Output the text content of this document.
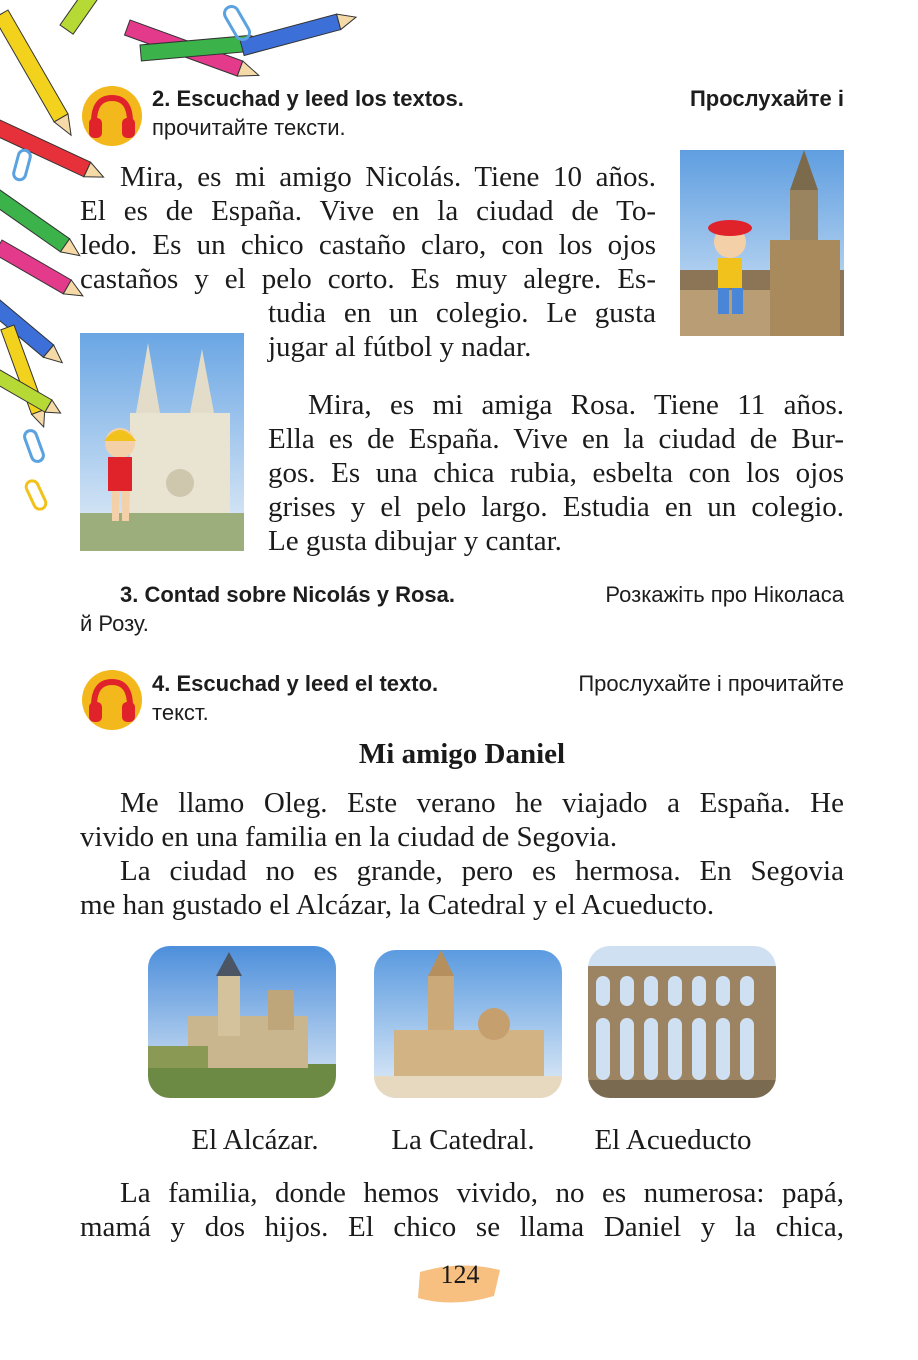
2. Escuchad y leed los textos.	Прослухайте і
прочитайте тексти.
Mira, es mi amigo Nicolás. Tiene 10 años.
El es de España. Vive en la ciudad de To-
ledo. Es un chico castaño claro, con los ojos
castaños y el pelo corto. Es muy alegre. Es-
tudia en un colegio. Le gusta
jugar al fútbol y nadar.
Mira, es mi amiga Rosa. Tiene 11 años.
Ella es de España. Vive en la ciudad de Bur-
gos. Es una chica rubia, esbelta con los ojos
grises y el pelo largo. Estudia en un colegio.
Le gusta dibujar y cantar.
3. Contad sobre Nicolás y Rosa.	Розкажіть про Ніколаса
й Розу.
4. Escuchad y leed el texto.	Прослухайте і прочитайте
текст.
Mi amigo Daniel
Me llamo Oleg. Este verano he viajado a España. He
vivido en una familia en la ciudad de Segovia.
La ciudad no es grande, pero es hermosa. En Segovia
me han gustado el Alcázar, la Catedral y el Acueducto.
El Alcázar.	La Catedral.	El Acueducto
La familia, donde hemos vivido, no es numerosa: papá,
mamá y dos hijos. El chico se llama Daniel y la chica,
124
